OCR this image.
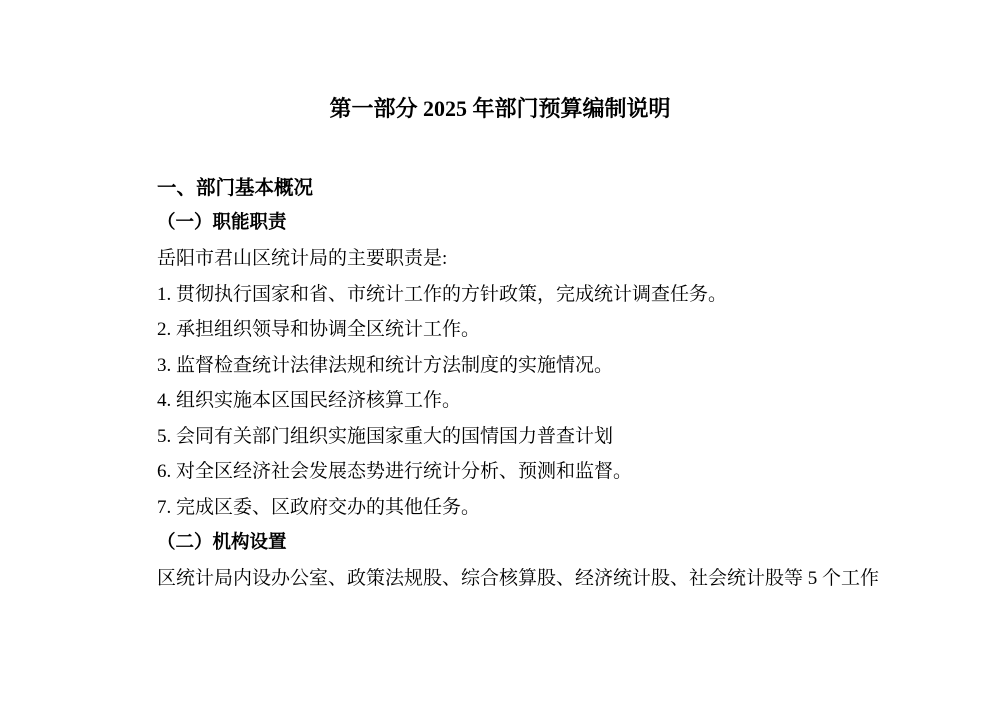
第一部分 2025 年部门预算编制说明
一、部门基本概况
（一）职能职责
岳阳市君山区统计局的主要职责是:
1. 贯彻执行国家和省、市统计工作的方针政策，完成统计调查任务。
2. 承担组织领导和协调全区统计工作。
3. 监督检查统计法律法规和统计方法制度的实施情况。
4. 组织实施本区国民经济核算工作。
5. 会同有关部门组织实施国家重大的国情国力普查计划
6. 对全区经济社会发展态势进行统计分析、预测和监督。
7. 完成区委、区政府交办的其他任务。
（二）机构设置
区统计局内设办公室、政策法规股、综合核算股、经济统计股、社会统计股等 5 个工作
